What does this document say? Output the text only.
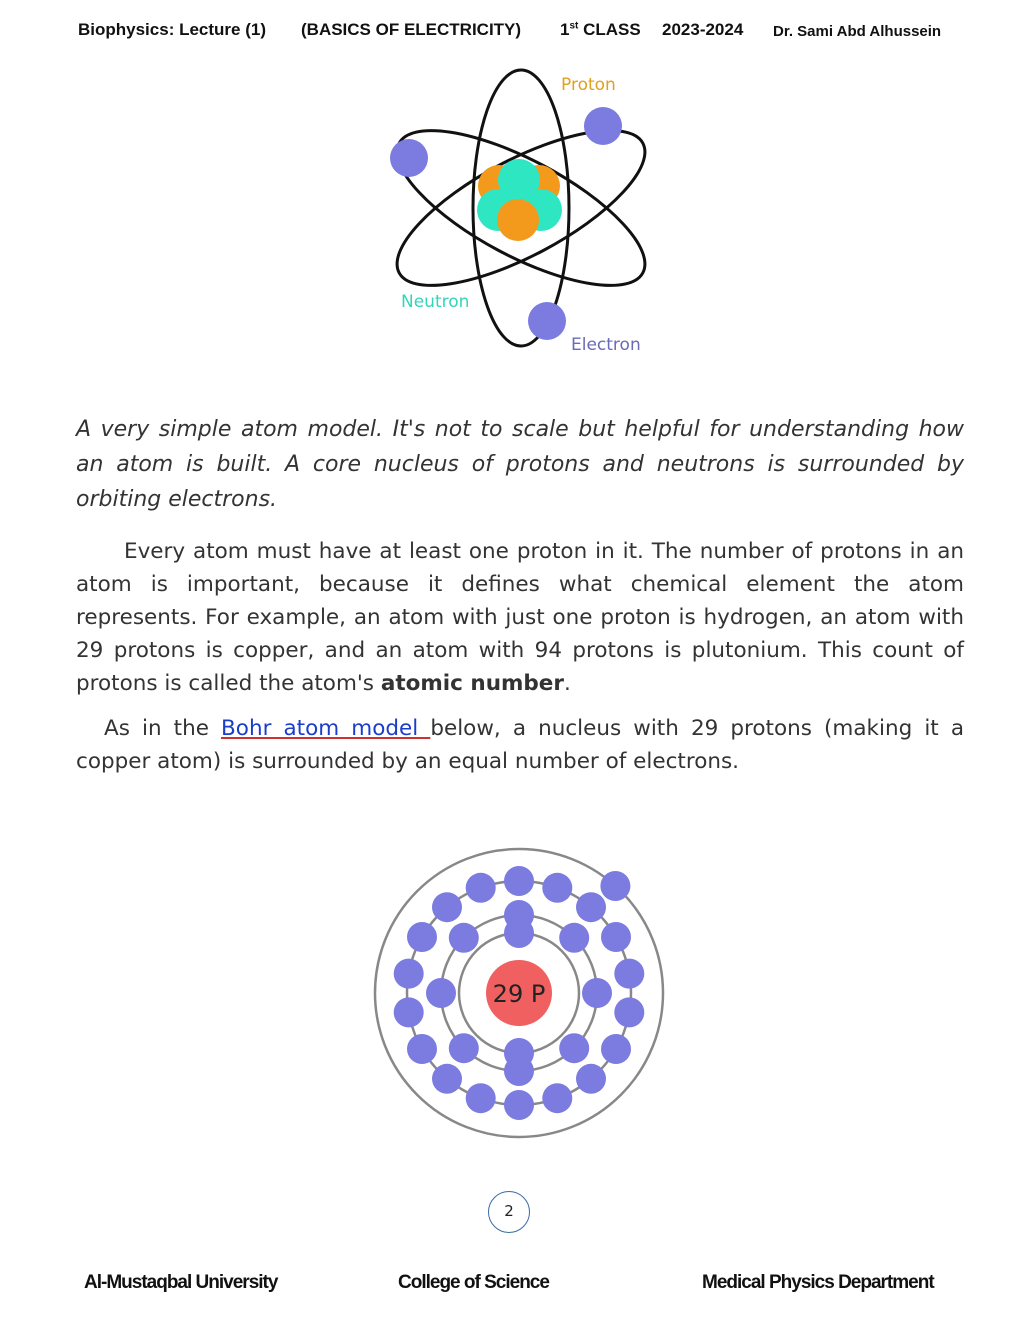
Biophysics: Lecture (1) (BASICS OF ELECTRICITY) 1st CLASS 2023-2024 Dr. Sami Abd Alhussein
Proton
Neutron
Electron
A very simple atom model. It's not to scale but helpful for understanding how an atom is built. A core nucleus of protons and neutrons is surrounded by orbiting electrons.
Every atom must have at least one proton in it. The number of protons in an atom is important, because it defines what chemical element the atom represents. For example, an atom with just one proton is hydrogen, an atom with 29 protons is copper, and an atom with 94 protons is plutonium. This count of protons is called the atom's atomic number.
As in the Bohr atom model below, a nucleus with 29 protons (making it a copper atom) is surrounded by an equal number of electrons.
29 P
2
Al-Mustaqbal University	College of Science	Medical Physics Department
